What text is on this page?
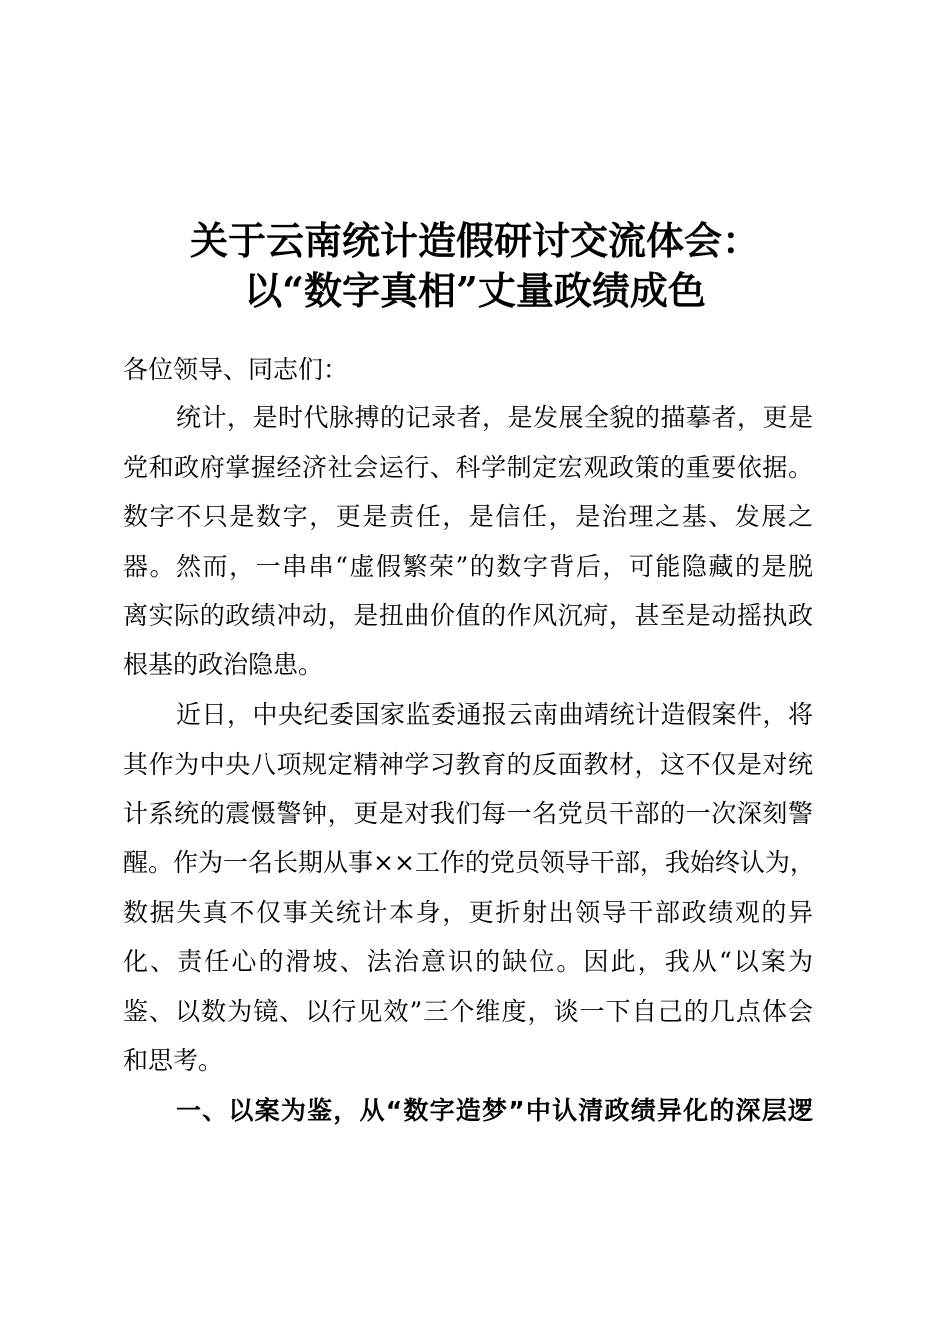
关于云南统计造假研讨交流体会：
以“数字真相”丈量政绩成色
各位领导、同志们：
统计，是时代脉搏的记录者，是发展全貌的描摹者，更是
党和政府掌握经济社会运行、科学制定宏观政策的重要依据。
数字不只是数字，更是责任，是信任，是治理之基、发展之
器。然而，一串串“虚假繁荣”的数字背后，可能隐藏的是脱
离实际的政绩冲动，是扭曲价值的作风沉疴，甚至是动摇执政
根基的政治隐患。
近日，中央纪委国家监委通报云南曲靖统计造假案件，将
其作为中央八项规定精神学习教育的反面教材，这不仅是对统
计系统的震慑警钟，更是对我们每一名党员干部的一次深刻警
醒。作为一名长期从事××工作的党员领导干部，我始终认为，
数据失真不仅事关统计本身，更折射出领导干部政绩观的异
化、责任心的滑坡、法治意识的缺位。因此，我从“以案为
鉴、以数为镜、以行见效”三个维度，谈一下自己的几点体会
和思考。
一、以案为鉴，从“数字造梦”中认清政绩异化的深层逻
